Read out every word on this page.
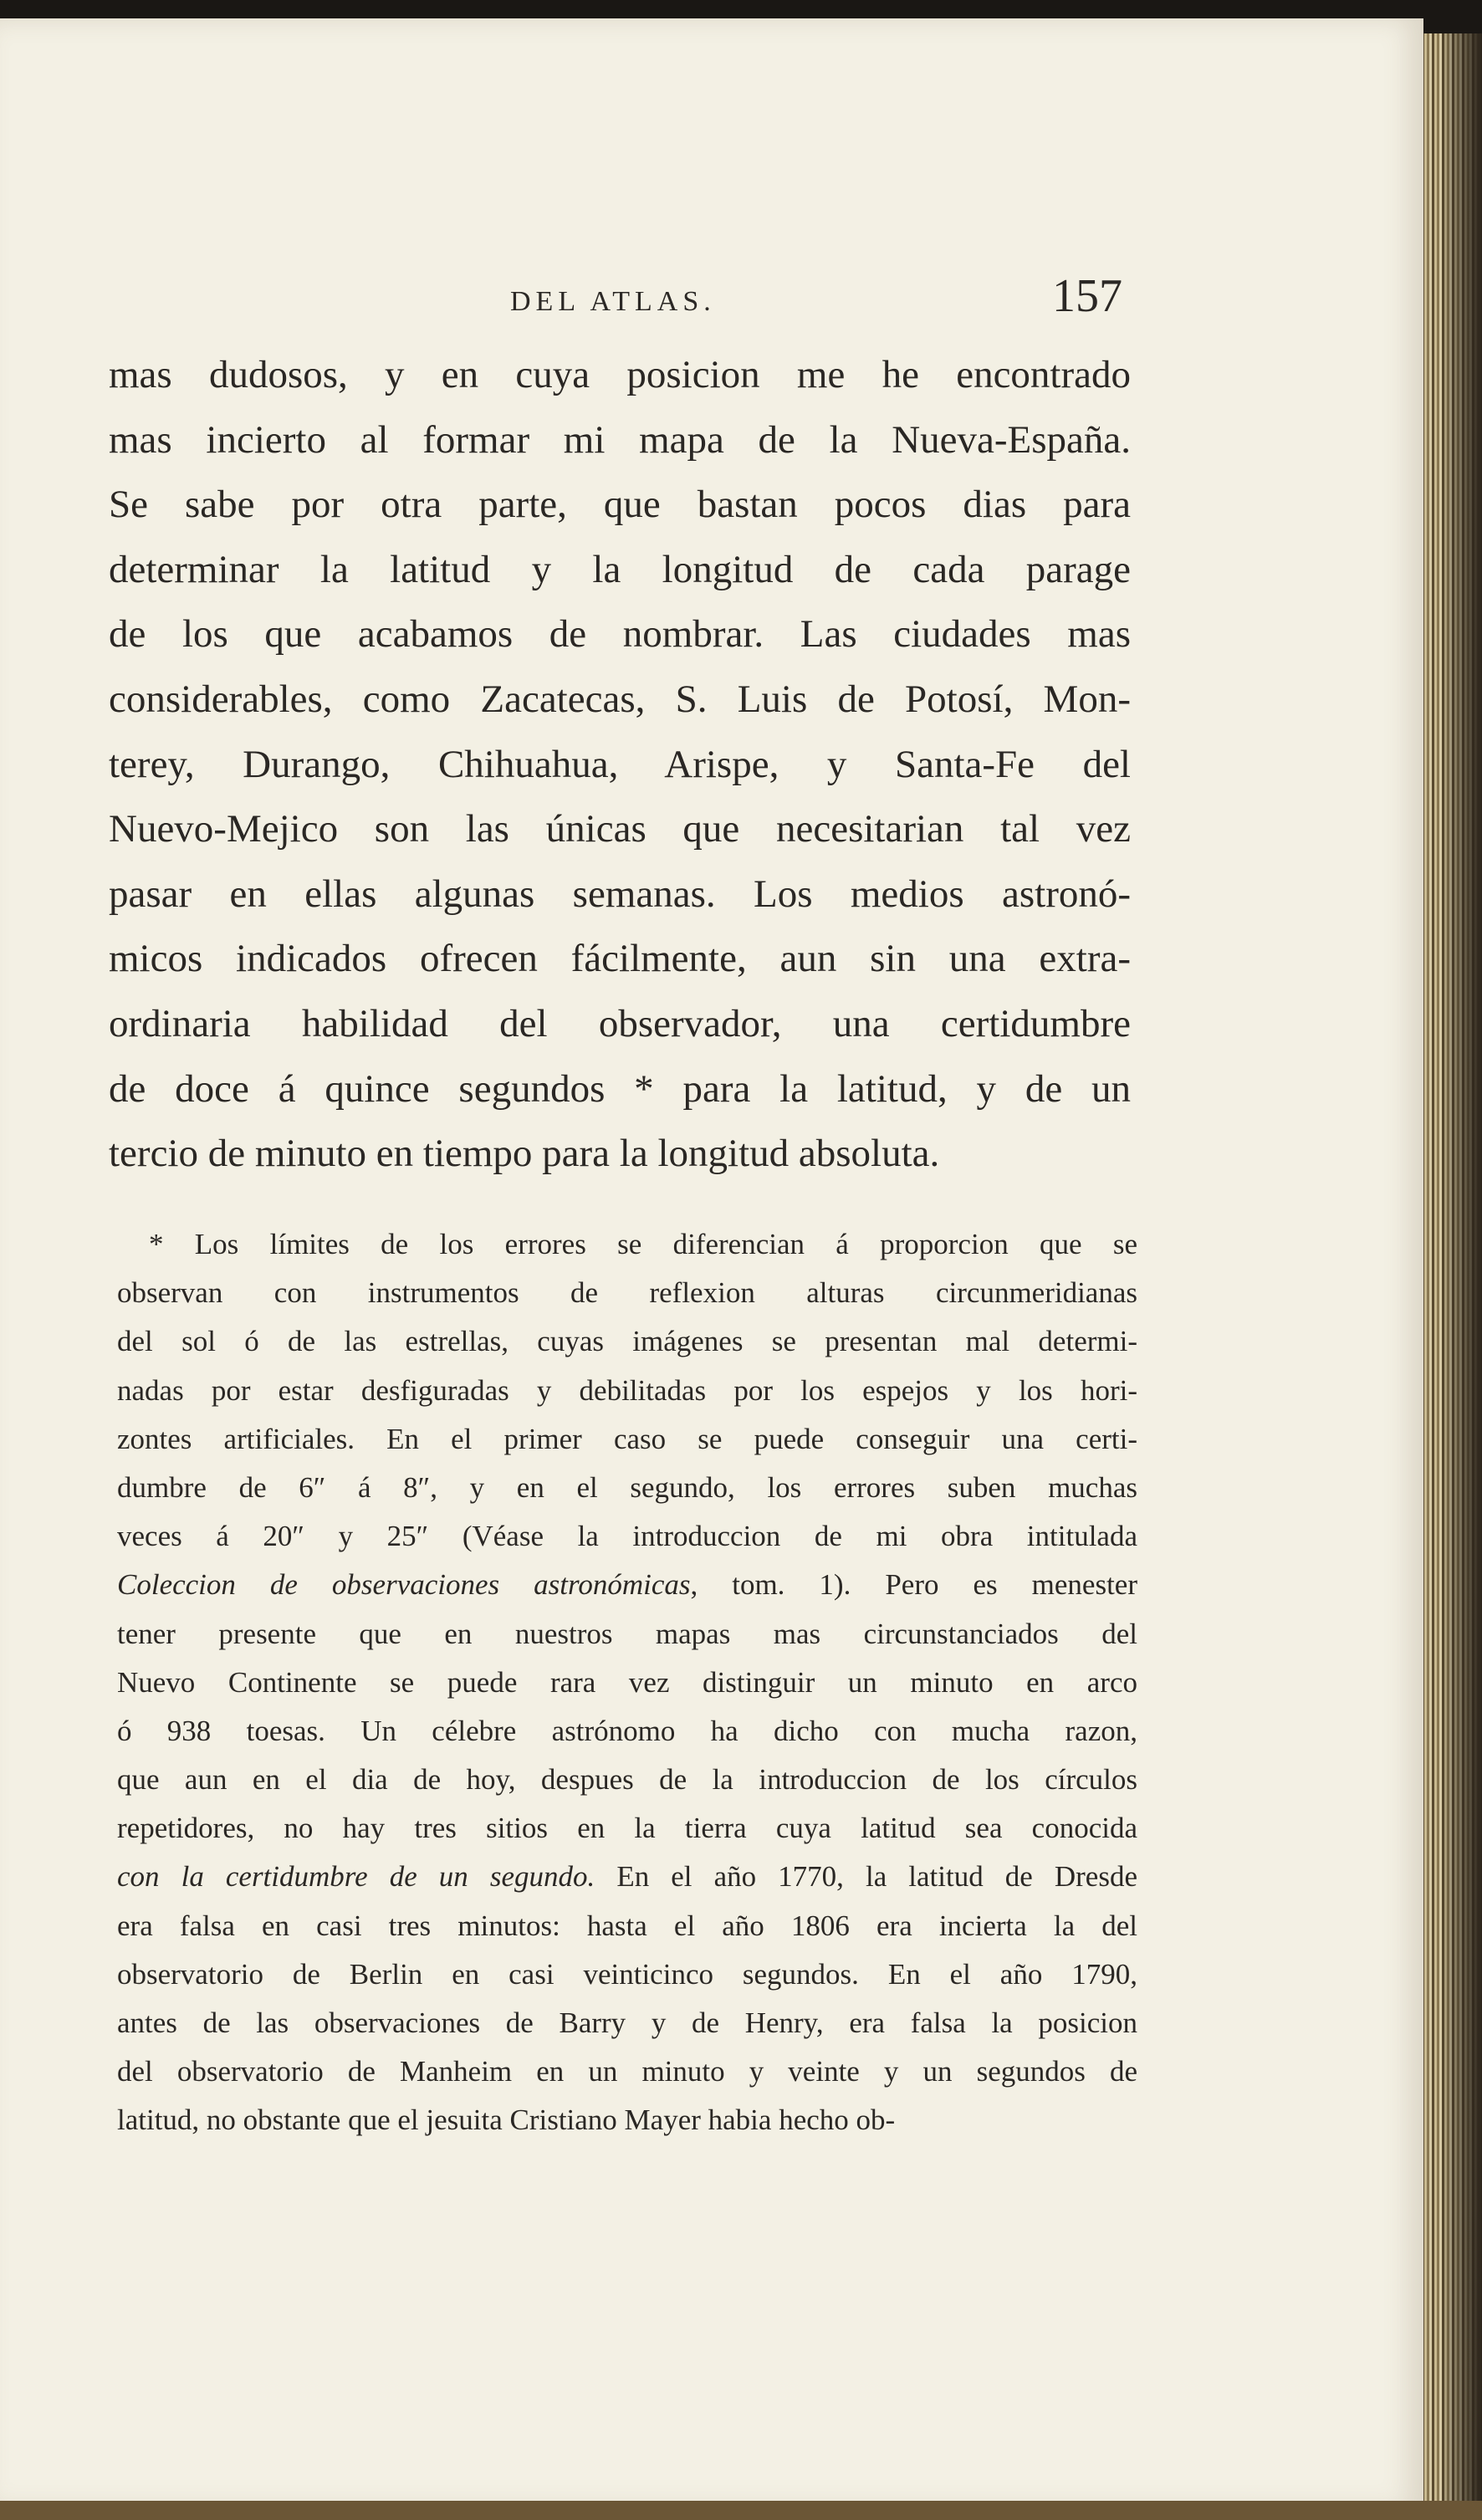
DEL ATLAS.	157
mas dudosos, y en cuya posicion me he encontrado
mas incierto al formar mi mapa de la Nueva-España.
Se sabe por otra parte, que bastan pocos dias para
determinar la latitud y la longitud de cada parage
de los que acabamos de nombrar. Las ciudades mas
considerables, como Zacatecas, S. Luis de Potosí, Mon-
terey, Durango, Chihuahua, Arispe, y Santa-Fe del
Nuevo-Mejico son las únicas que necesitarian tal vez
pasar en ellas algunas semanas. Los medios astronó-
micos indicados ofrecen fácilmente, aun sin una extra-
ordinaria habilidad del observador, una certidumbre
de doce á quince segundos * para la latitud, y de un
tercio de minuto en tiempo para la longitud absoluta.
* Los límites de los errores se diferencian á proporcion que se
observan con instrumentos de reflexion alturas circunmeridianas
del sol ó de las estrellas, cuyas imágenes se presentan mal determi-
nadas por estar desfiguradas y debilitadas por los espejos y los hori-
zontes artificiales. En el primer caso se puede conseguir una certi-
dumbre de 6″ á 8″, y en el segundo, los errores suben muchas
veces á 20″ y 25″ (Véase la introduccion de mi obra intitulada
Coleccion de observaciones astronómicas, tom. 1). Pero es menester
tener presente que en nuestros mapas mas circunstanciados del
Nuevo Continente se puede rara vez distinguir un minuto en arco
ó 938 toesas. Un célebre astrónomo ha dicho con mucha razon,
que aun en el dia de hoy, despues de la introduccion de los círculos
repetidores, no hay tres sitios en la tierra cuya latitud sea conocida
con la certidumbre de un segundo. En el año 1770, la latitud de Dresde
era falsa en casi tres minutos: hasta el año 1806 era incierta la del
observatorio de Berlin en casi veinticinco segundos. En el año 1790,
antes de las observaciones de Barry y de Henry, era falsa la posicion
del observatorio de Manheim en un minuto y veinte y un segundos de
latitud, no obstante que el jesuita Cristiano Mayer habia hecho ob-
